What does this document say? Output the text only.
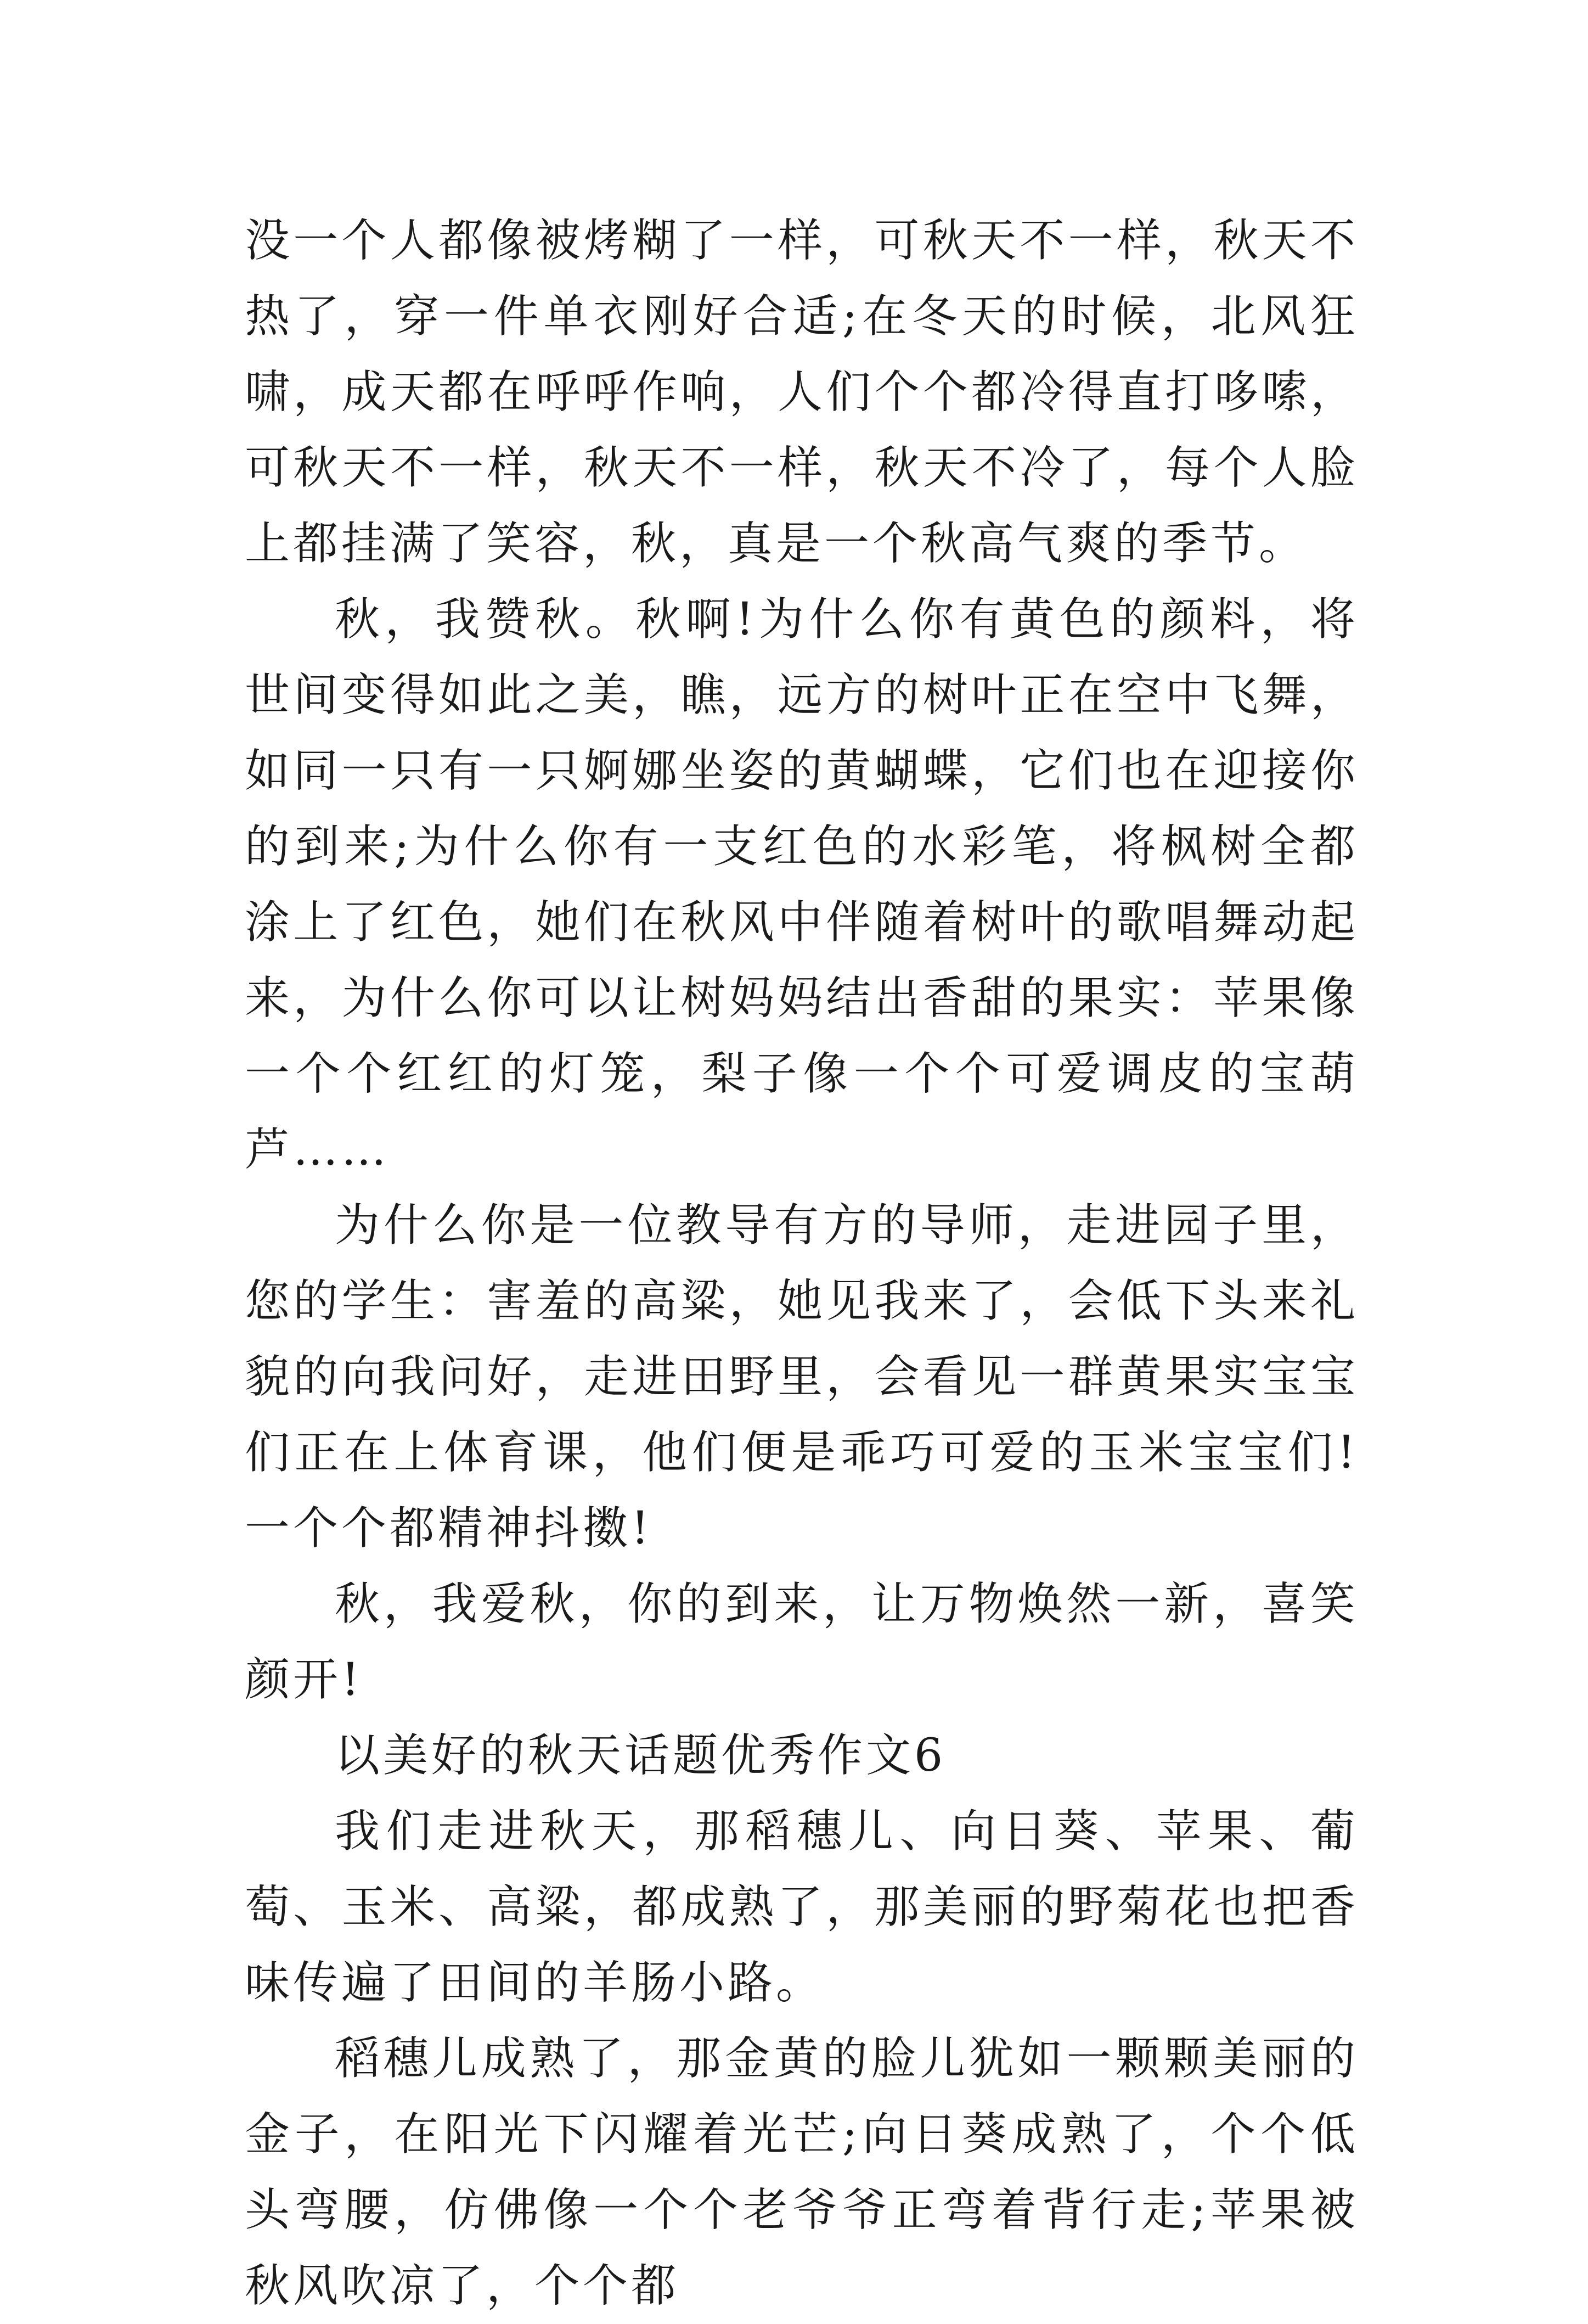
没一个人都像被烤糊了一样，可秋天不一样，秋天不热了，穿一件单衣刚好合适;在冬天的时候，北风狂啸，成天都在呼呼作响，人们个个都冷得直打哆嗦，可秋天不一样，秋天不一样，秋天不冷了，每个人脸上都挂满了笑容，秋，真是一个秋高气爽的季节。

秋，我赞秋。秋啊!为什么你有黄色的颜料，将世间变得如此之美，瞧，远方的树叶正在空中飞舞，如同一只有一只婀娜坐姿的黄蝴蝶，它们也在迎接你的到来;为什么你有一支红色的水彩笔，将枫树全都涂上了红色，她们在秋风中伴随着树叶的歌唱舞动起来，为什么你可以让树妈妈结出香甜的果实：苹果像一个个红红的灯笼，梨子像一个个可爱调皮的宝葫芦……

为什么你是一位教导有方的导师，走进园子里，您的学生：害羞的高粱，她见我来了，会低下头来礼貌的向我问好，走进田野里，会看见一群黄果实宝宝们正在上体育课，他们便是乖巧可爱的玉米宝宝们!一个个都精神抖擞!

秋，我爱秋，你的到来，让万物焕然一新，喜笑颜开!

以美好的秋天话题优秀作文6

我们走进秋天，那稻穗儿、向日葵、苹果、葡萄、玉米、高粱，都成熟了，那美丽的野菊花也把香味传遍了田间的羊肠小路。

稻穗儿成熟了，那金黄的脸儿犹如一颗颗美丽的金子，在阳光下闪耀着光芒;向日葵成熟了，个个低头弯腰，仿佛像一个个老爷爷正弯着背行走;苹果被秋风吹凉了，个个都
